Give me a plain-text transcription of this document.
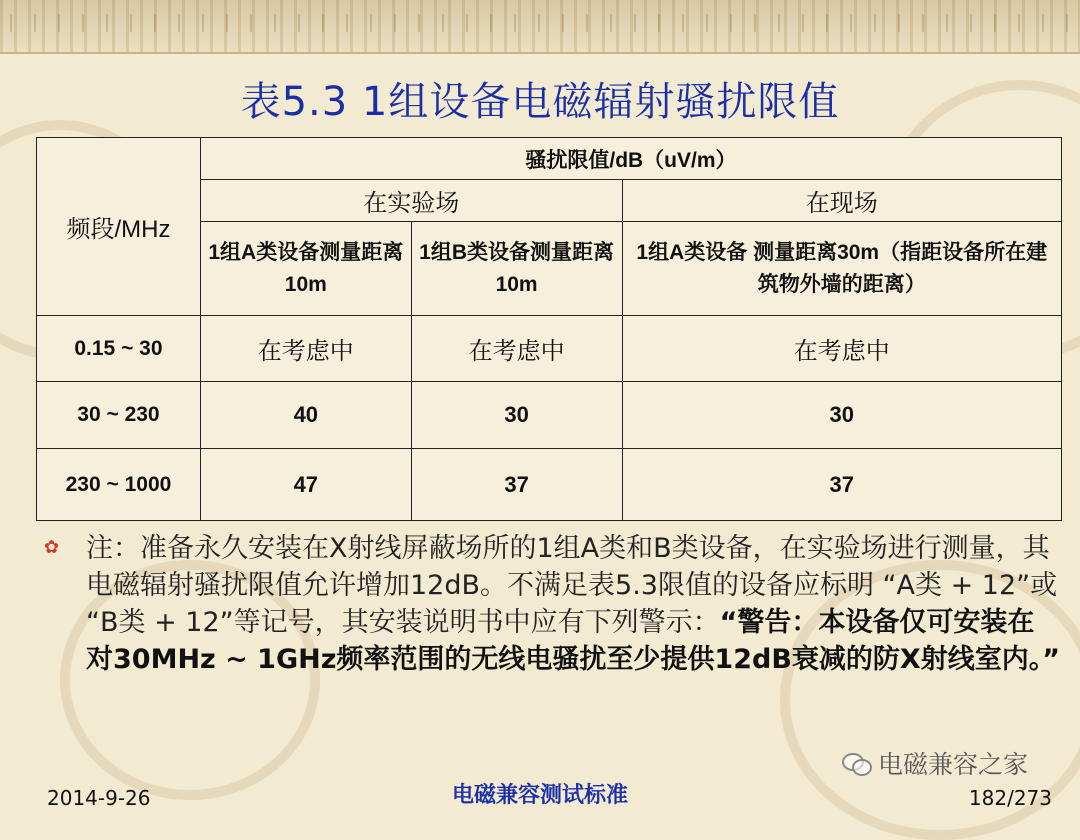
表5.3 1组设备电磁辐射骚扰限值
频段/MHz	骚扰限值/dB（uV/m）		
	在实验场		在现场
	1组A类设备测量距离10m	1组B类设备测量距离10m	1组A类设备 测量距离30m（指距设备所在建筑物外墙的距离）
0.15 ~ 30	在考虑中	在考虑中	在考虑中
30 ~ 230	40	30	30
230 ~ 1000	47	37	37
✿ 注：准备永久安装在X射线屏蔽场所的1组A类和B类设备，在实验场进行测量，其电磁辐射骚扰限值允许增加12dB。不满足表5.3限值的设备应标明 “A类 + 12”或 “B类 + 12”等记号，其安装说明书中应有下列警示：“警告：本设备仅可安装在对30MHz ~ 1GHz频率范围的无线电骚扰至少提供12dB衰减的防X射线室内。”
电磁兼容之家
2014-9-26	电磁兼容测试标准	182/273
